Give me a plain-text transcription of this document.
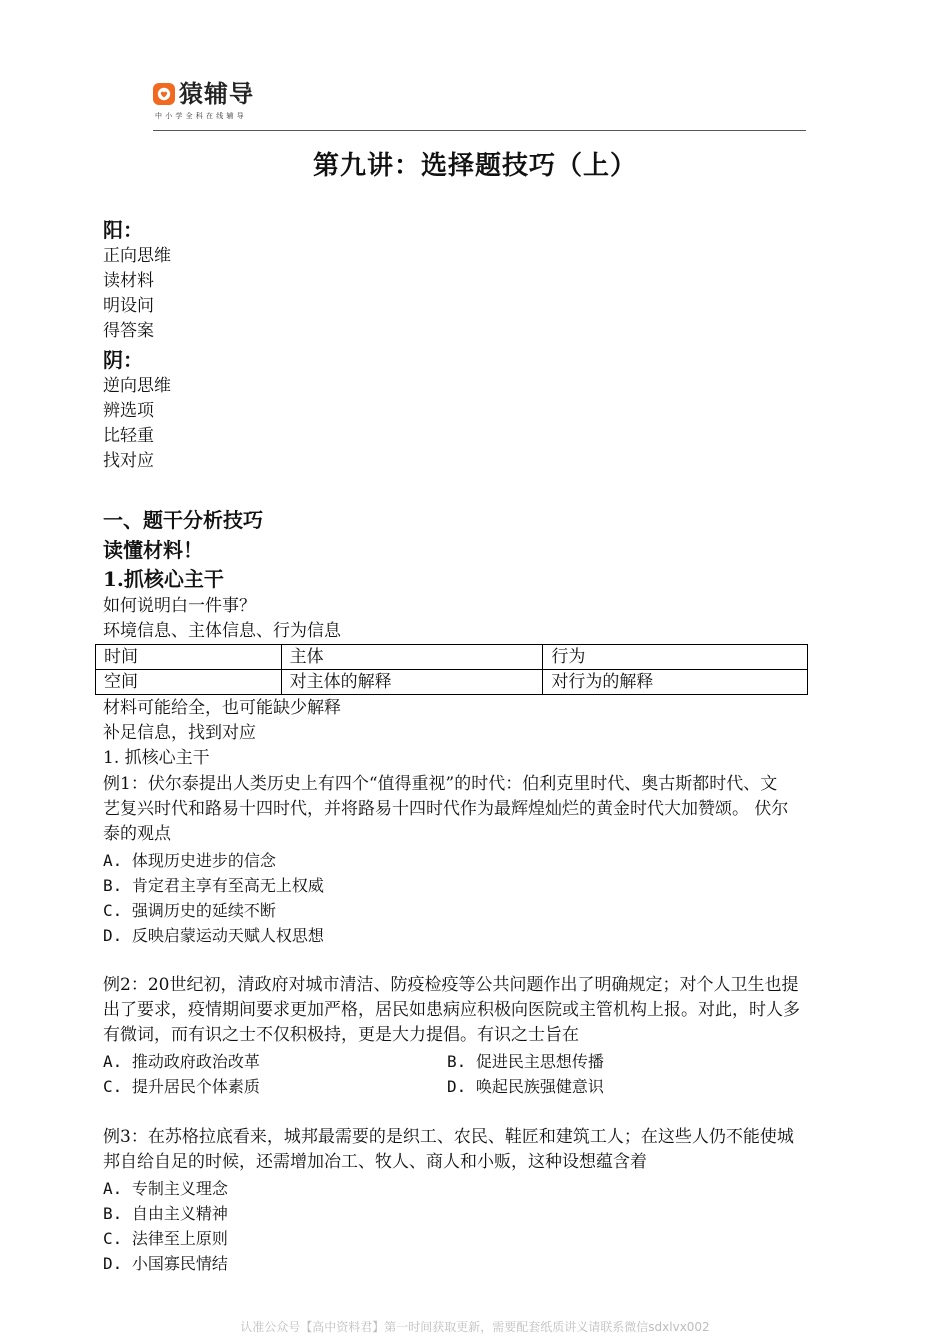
猿辅导
中小学全科在线辅导
第九讲：选择题技巧（上）
阳：
正向思维
读材料
明设问
得答案
阴：
逆向思维
辨选项
比轻重
找对应
一、题干分析技巧
读懂材料！
1.抓核心主干
如何说明白一件事？
环境信息、主体信息、行为信息
时间	主体	行为
空间	对主体的解释	对行为的解释
材料可能给全，也可能缺少解释
补足信息，找到对应
1. 抓核心主干
例1：伏尔泰提出人类历史上有四个“值得重视”的时代：伯利克里时代、奥古斯都时代、文
艺复兴时代和路易十四时代，并将路易十四时代作为最辉煌灿烂的黄金时代大加赞颂。 伏尔
泰的观点
A. 体现历史进步的信念
B. 肯定君主享有至高无上权威
C. 强调历史的延续不断
D. 反映启蒙运动天赋人权思想
例2：20世纪初，清政府对城市清洁、防疫检疫等公共问题作出了明确规定；对个人卫生也提
出了要求，疫情期间要求更加严格，居民如患病应积极向医院或主管机构上报。对此，时人多
有微词，而有识之士不仅积极持，更是大力提倡。有识之士旨在
A. 推动政府政治改革	B. 促进民主思想传播
C. 提升居民个体素质	D. 唤起民族强健意识
例3：在苏格拉底看来，城邦最需要的是织工、农民、鞋匠和建筑工人；在这些人仍不能使城
邦自给自足的时候，还需增加冶工、牧人、商人和小贩，这种设想蕴含着
A. 专制主义理念
B. 自由主义精神
C. 法律至上原则
D. 小国寡民情结
认准公众号【高中资料君】第一时间获取更新，需要配套纸质讲义请联系微信sdxlvx002
